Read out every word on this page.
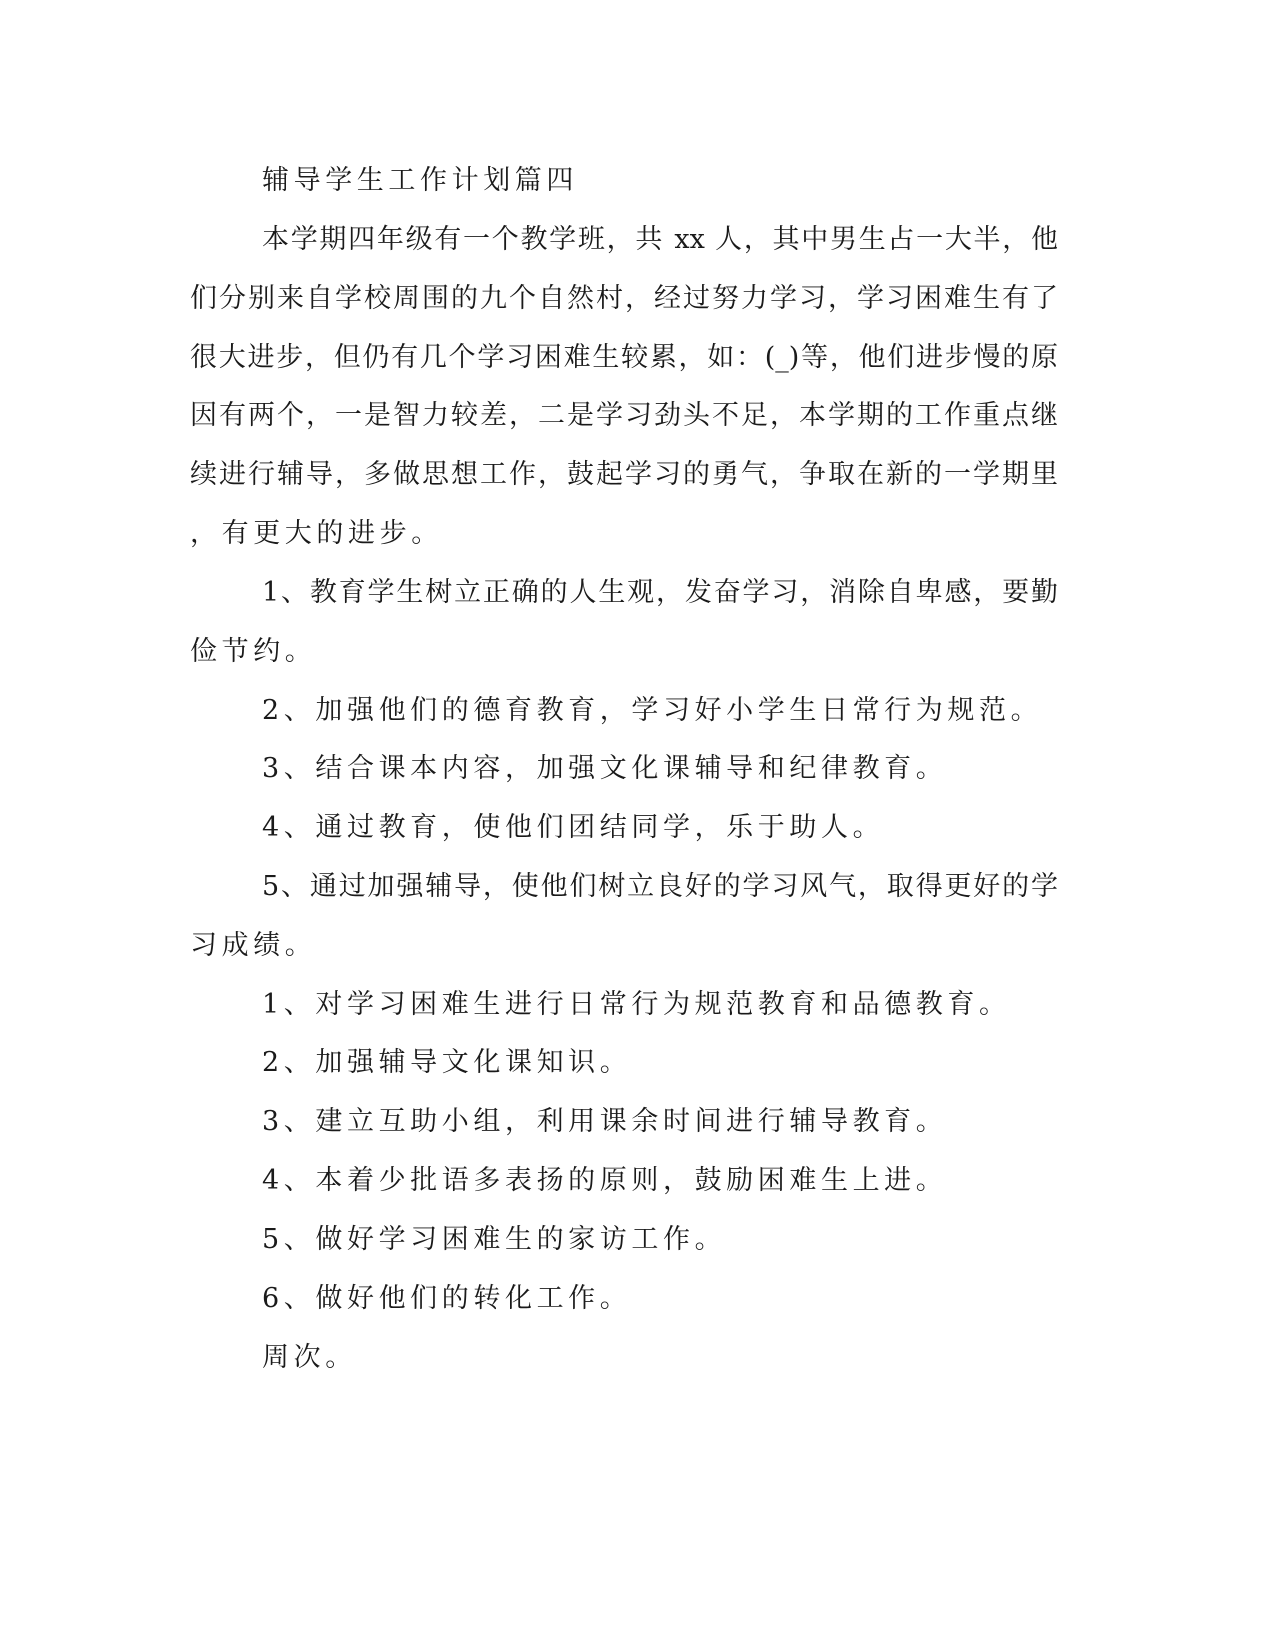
辅导学生工作计划篇四

本学期四年级有一个教学班，共 xx 人，其中男生占一大半，他

们分别来自学校周围的九个自然村，经过努力学习，学习困难生有了

很大进步，但仍有几个学习困难生较累，如：(_)等，他们进步慢的原

因有两个，一是智力较差，二是学习劲头不足，本学期的工作重点继

续进行辅导，多做思想工作，鼓起学习的勇气，争取在新的一学期里

，有更大的进步。

1、教育学生树立正确的人生观，发奋学习，消除自卑感，要勤

俭节约。

2、加强他们的德育教育，学习好小学生日常行为规范。

3、结合课本内容，加强文化课辅导和纪律教育。

4、通过教育，使他们团结同学，乐于助人。

5、通过加强辅导，使他们树立良好的学习风气，取得更好的学

习成绩。

1、对学习困难生进行日常行为规范教育和品德教育。

2、加强辅导文化课知识。

3、建立互助小组，利用课余时间进行辅导教育。

4、本着少批语多表扬的原则，鼓励困难生上进。

5、做好学习困难生的家访工作。

6、做好他们的转化工作。

周次。
